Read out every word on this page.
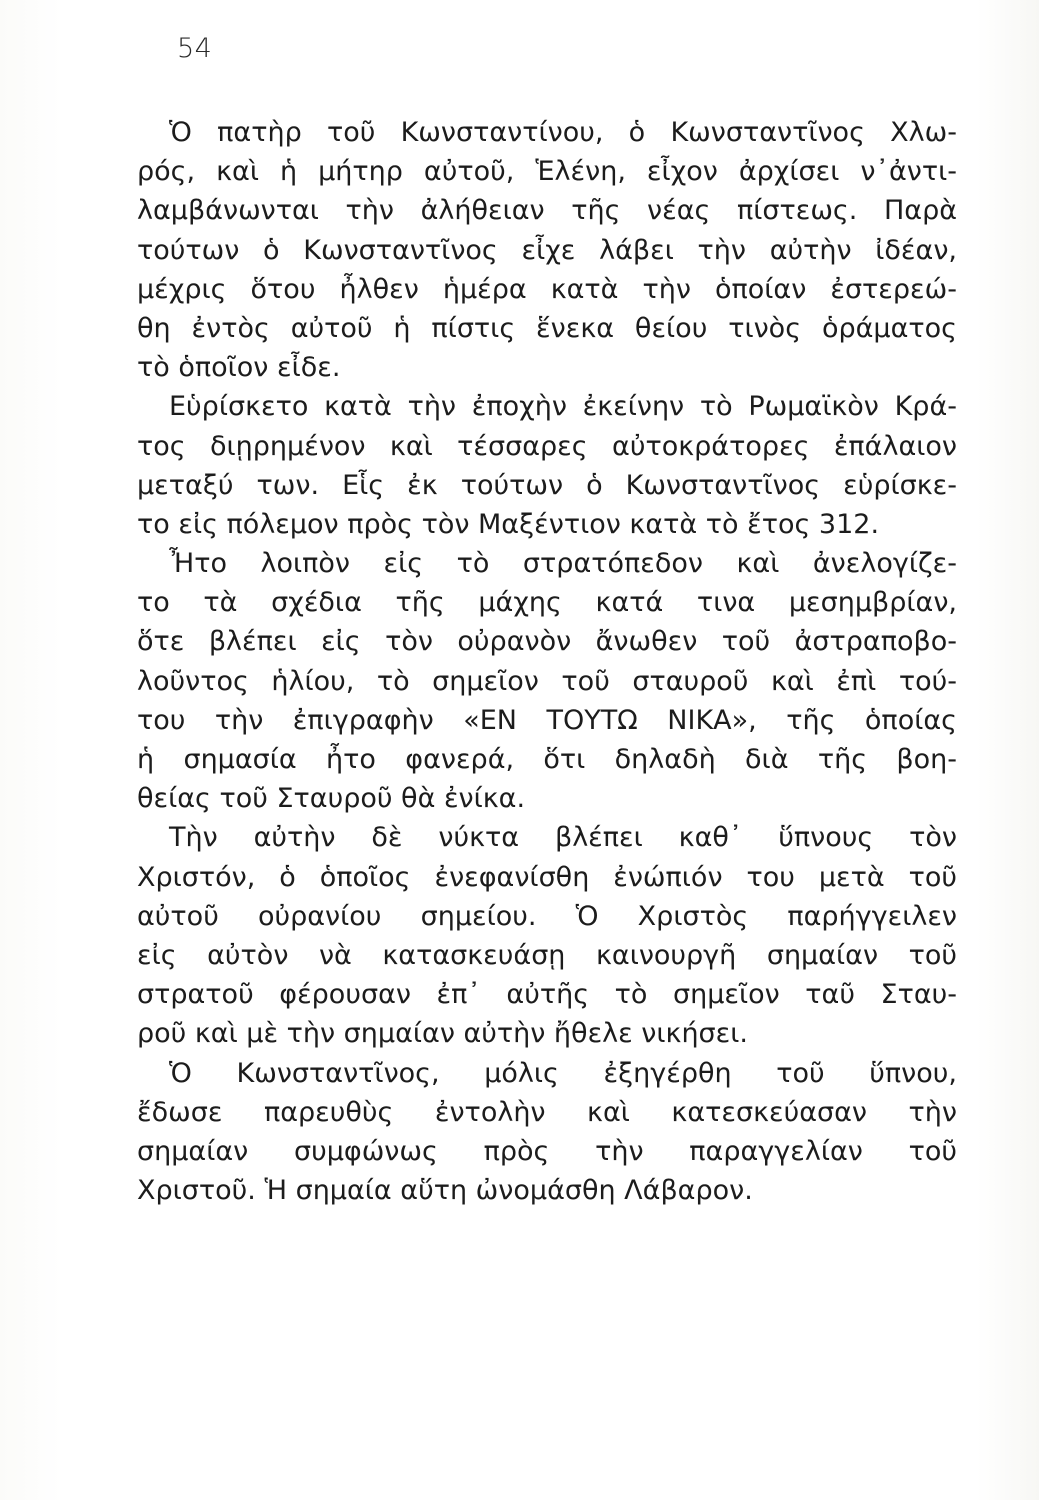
54
Ὁ πατὴρ τοῦ Κωνσταντίνου, ὁ Κωνσταντῖνος Χλω-
ρός, καὶ ἡ μήτηρ αὐτοῦ, Ἑλένη, εἶχον ἀρχίσει ν᾽ἀντι-
λαμβάνωνται τὴν ἀλήθειαν τῆς νέας πίστεως. Παρὰ
τούτων ὁ Κωνσταντῖνος εἶχε λάβει τὴν αὐτὴν ἰδέαν,
μέχρις ὅτου ἦλθεν ἡμέρα κατὰ τὴν ὁποίαν ἐστερεώ-
θη ἐντὸς αὐτοῦ ἡ πίστις ἕνεκα θείου τινὸς ὁράματος
τὸ ὁποῖον εἶδε.
Εὑρίσκετο κατὰ τὴν ἐποχὴν ἐκείνην τὸ Ρωμαϊκὸν Κρά-
τος διῃρημένον καὶ τέσσαρες αὐτοκράτορες ἐπάλαιον
μεταξύ των. Εἷς ἐκ τούτων ὁ Κωνσταντῖνος εὑρίσκε-
το εἰς πόλεμον πρὸς τὸν Μαξέντιον κατὰ τὸ ἔτος 312.
Ἦτο λοιπὸν εἰς τὸ στρατόπεδον καὶ ἀνελογίζε-
το τὰ σχέδια τῆς μάχης κατά τινα μεσημβρίαν,
ὅτε βλέπει εἰς τὸν οὐρανὸν ἄνωθεν τοῦ ἀστραποβο-
λοῦντος ἡλίου, τὸ σημεῖον τοῦ σταυροῦ καὶ ἐπὶ τού-
του τὴν ἐπιγραφὴν «ΕΝ ΤΟΥΤΩ ΝΙΚΑ», τῆς ὁποίας
ἡ σημασία ἦτο φανερά, ὅτι δηλαδὴ διὰ τῆς βοη-
θείας τοῦ Σταυροῦ θὰ ἐνίκα.
Τὴν αὐτὴν δὲ νύκτα βλέπει καθ᾽ ὕπνους τὸν
Χριστόν, ὁ ὁποῖος ἐνεφανίσθη ἐνώπιόν του μετὰ τοῦ
αὐτοῦ οὐρανίου σημείου. Ὁ Χριστὸς παρήγγειλεν
εἰς αὐτὸν νὰ κατασκευάσῃ καινουργῆ σημαίαν τοῦ
στρατοῦ φέρουσαν ἐπ᾽ αὐτῆς τὸ σημεῖον ταῦ Σταυ-
ροῦ καὶ μὲ τὴν σημαίαν αὐτὴν ἤθελε νικήσει.
Ὁ Κωνσταντῖνος, μόλις ἐξηγέρθη τοῦ ὕπνου,
ἔδωσε παρευθὺς ἐντολὴν καὶ κατεσκεύασαν τὴν
σημαίαν συμφώνως πρὸς τὴν παραγγελίαν τοῦ
Χριστοῦ. Ἡ σημαία αὕτη ὠνομάσθη Λάβαρον.
